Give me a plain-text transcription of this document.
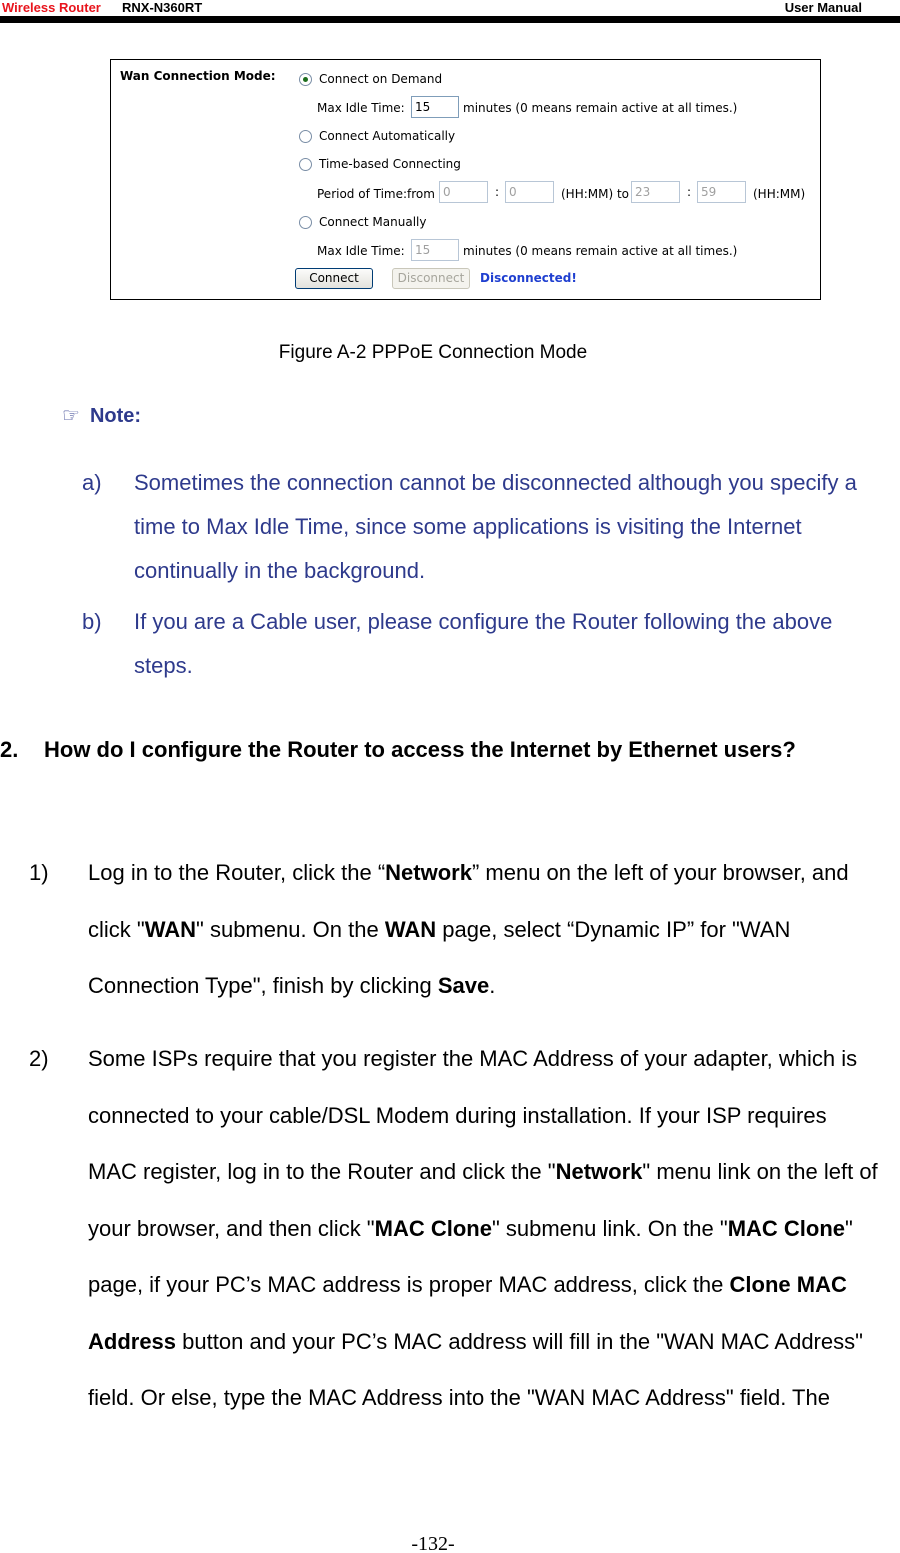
Wireless Router RNX-N360RT	User Manual
Wan Connection Mode:	Connect on Demand
Max Idle Time: 15	minutes (0 means remain active at all times.)
Connect Automatically
Time-based Connecting
Period of Time:from 0	: 0	(HH:MM) to 23	: 59	(HH:MM)
Connect Manually
Max Idle Time: 15	minutes (0 means remain active at all times.)
Connect	Disconnect	Disconnected!
Figure A-2 PPPoE Connection Mode
☞ Note:
a) Sometimes the connection cannot be disconnected although you specify a time to Max Idle Time, since some applications is visiting the Internet continually in the background.
b) If you are a Cable user, please configure the Router following the above steps.
2. How do I configure the Router to access the Internet by Ethernet users?
1) Log in to the Router, click the “Network” menu on the left of your browser, and click "WAN" submenu. On the WAN page, select “Dynamic IP” for "WAN Connection Type", finish by clicking Save.
2) Some ISPs require that you register the MAC Address of your adapter, which is connected to your cable/DSL Modem during installation. If your ISP requires MAC register, log in to the Router and click the "Network" menu link on the left of your browser, and then click "MAC Clone" submenu link. On the "MAC Clone" page, if your PC’s MAC address is proper MAC address, click the Clone MAC Address button and your PC’s MAC address will fill in the "WAN MAC Address" field. Or else, type the MAC Address into the "WAN MAC Address" field. The
-132-
